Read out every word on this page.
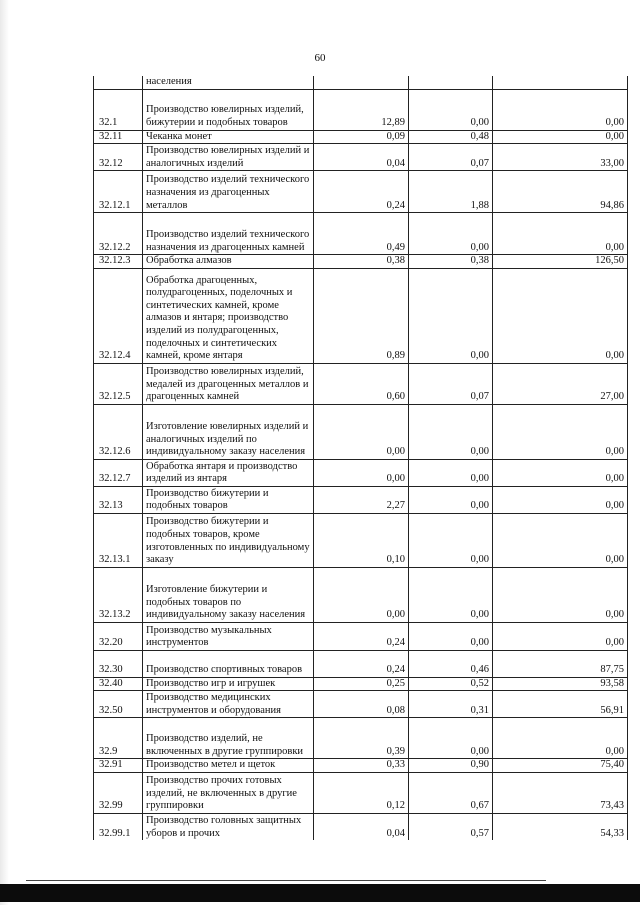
60
	населения			
32.1	Производство ювелирных изделий, бижутерии и подобных товаров	12,89	0,00	0,00
32.11	Чеканка монет	0,09	0,48	0,00
32.12	Производство ювелирных изделий и аналогичных изделий	0,04	0,07	33,00
32.12.1	Производство изделий технического назначения из драгоценных металлов	0,24	1,88	94,86
32.12.2	Производство изделий технического назначения из драгоценных камней	0,49	0,00	0,00
32.12.3	Обработка алмазов	0,38	0,38	126,50
32.12.4	Обработка драгоценных, полудрагоценных, поделочных и синтетических камней, кроме алмазов и янтаря; производство изделий из полудрагоценных, поделочных и синтетических камней, кроме янтаря	0,89	0,00	0,00
32.12.5	Производство ювелирных изделий, медалей из драгоценных металлов и драгоценных камней	0,60	0,07	27,00
32.12.6	Изготовление ювелирных изделий и аналогичных изделий по индивидуальному заказу населения	0,00	0,00	0,00
32.12.7	Обработка янтаря и производство изделий из янтаря	0,00	0,00	0,00
32.13	Производство бижутерии и подобных товаров	2,27	0,00	0,00
32.13.1	Производство бижутерии и подобных товаров, кроме изготовленных по индивидуальному заказу	0,10	0,00	0,00
32.13.2	Изготовление бижутерии и подобных товаров по индивидуальному заказу населения	0,00	0,00	0,00
32.20	Производство музыкальных инструментов	0,24	0,00	0,00
32.30	Производство спортивных товаров	0,24	0,46	87,75
32.40	Производство игр и игрушек	0,25	0,52	93,58
32.50	Производство медицинских инструментов и оборудования	0,08	0,31	56,91
32.9	Производство изделий, не включенных в другие группировки	0,39	0,00	0,00
32.91	Производство метел и щеток	0,33	0,90	75,40
32.99	Производство прочих готовых изделий, не включенных в другие группировки	0,12	0,67	73,43
32.99.1	Производство головных защитных уборов и прочих	0,04	0,57	54,33
